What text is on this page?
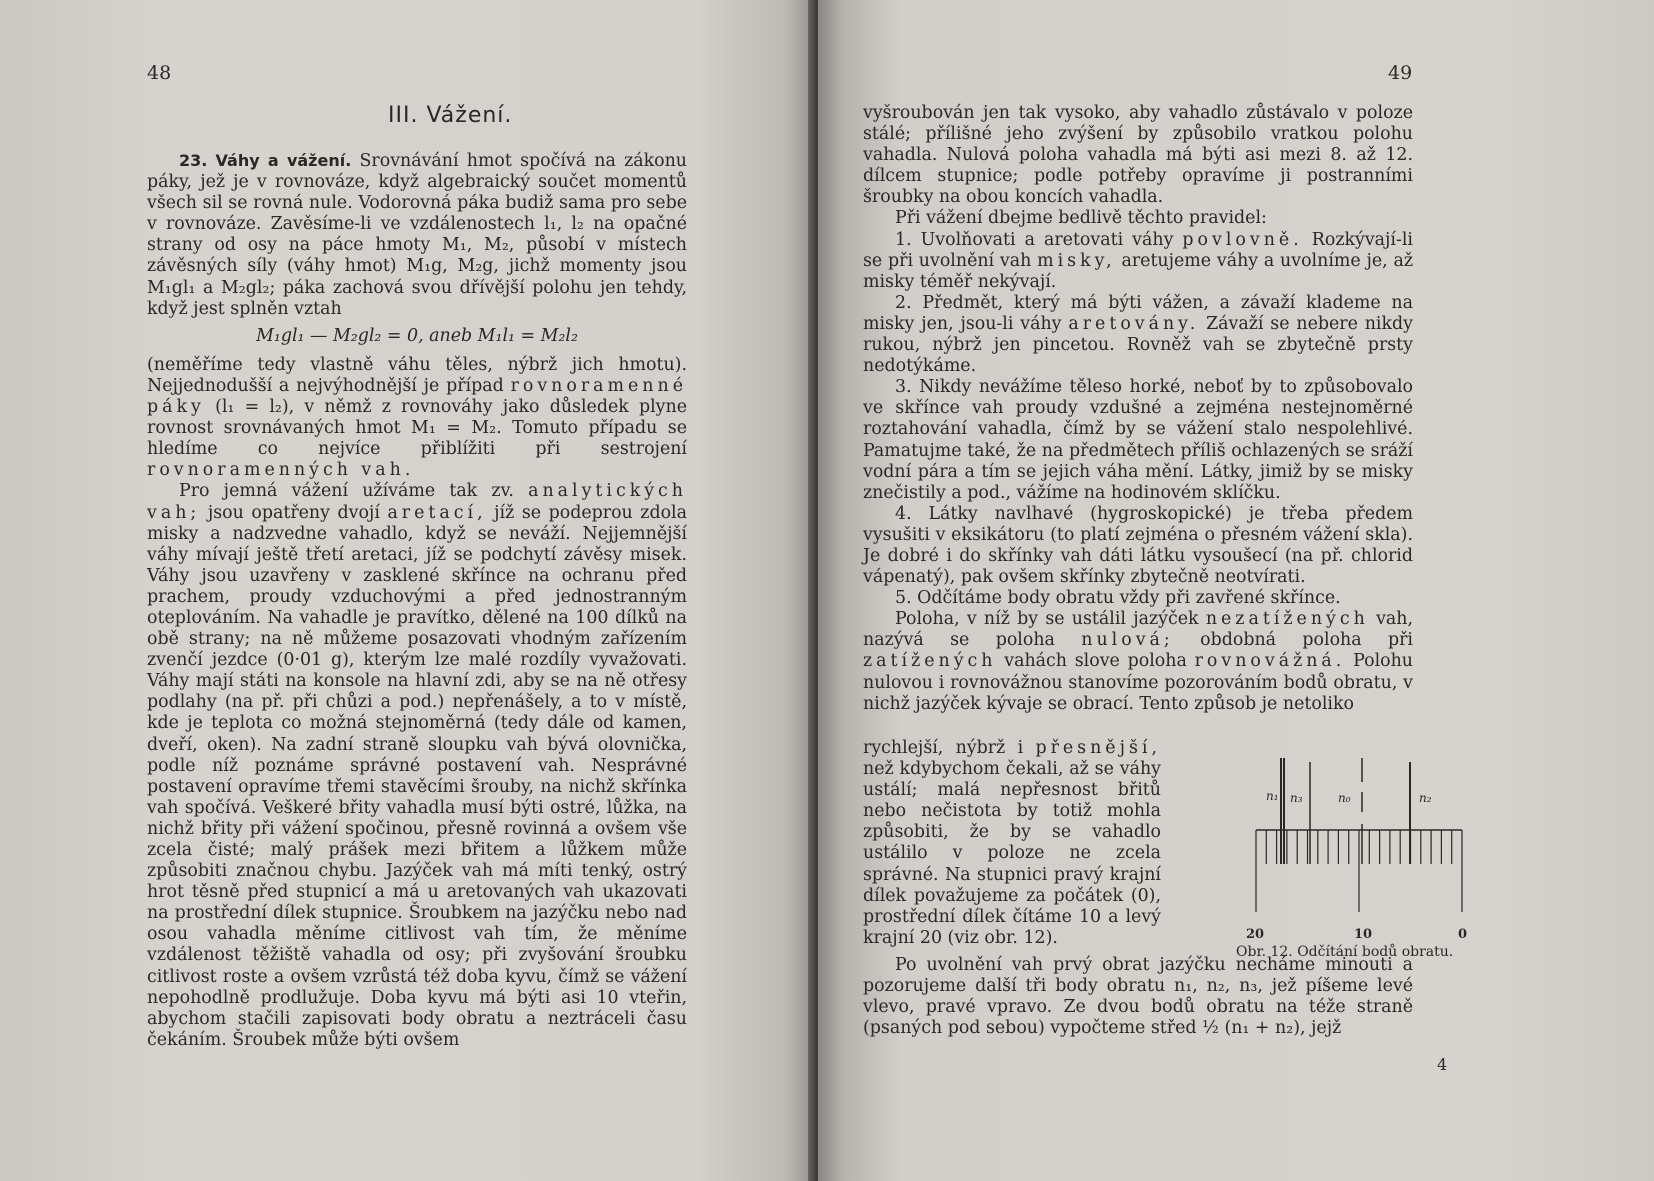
48
III. Vážení.

23. Váhy a vážení. Srovnávání hmot spočívá na zákonu páky, jež je v rovnováze, když algebraický součet momentů všech sil se rovná nule. Vodorovná páka budiž sama pro sebe v rovnováze. Zavěsíme-li ve vzdálenostech l₁, l₂ na opačné strany od osy na páce hmoty M₁, M₂, působí v místech závěsných síly (váhy hmot) M₁g, M₂g, jichž momenty jsou M₁gl₁ a M₂gl₂; páka zachová svou dřívější polohu jen tehdy, když jest splněn vztah

M₁gl₁ — M₂gl₂ = 0, aneb M₁l₁ = M₂l₂

(neměříme tedy vlastně váhu těles, nýbrž jich hmotu). Nejjednodušší a nejvýhodnější je případ rovnoramenné páky (l₁ = l₂), v němž z rovnováhy jako důsledek plyne rovnost srovnávaných hmot M₁ = M₂. Tomuto případu se hledíme co nejvíce přiblížiti při sestrojení rovnoramenných vah.

Pro jemná vážení užíváme tak zv. analytických vah; jsou opatřeny dvojí aretací, jíž se podeprou zdola misky a nadzvedne vahadlo, když se neváží. Nejjemnější váhy mívají ještě třetí aretaci, jíž se podchytí závěsy misek. Váhy jsou uzavřeny v zasklené skřínce na ochranu před prachem, proudy vzduchovými a před jednostranným oteplováním. Na vahadle je pravítko, dělené na 100 dílků na obě strany; na ně můžeme posazovati vhodným zařízením zvenčí jezdce (0·01 g), kterým lze malé rozdíly vyvažovati. Váhy mají státi na konsole na hlavní zdi, aby se na ně otřesy podlahy (na př. při chůzi a pod.) nepřenášely, a to v místě, kde je teplota co možná stejnoměrná (tedy dále od kamen, dveří, oken). Na zadní straně sloupku vah bývá olovnička, podle níž poznáme správné postavení vah. Nesprávné postavení opravíme třemi stavěcími šrouby, na nichž skřínka vah spočívá. Veškeré břity vahadla musí býti ostré, lůžka, na nichž břity při vážení spočinou, přesně rovinná a ovšem vše zcela čisté; malý prášek mezi břitem a lůžkem může způsobiti značnou chybu. Jazýček vah má míti tenký, ostrý hrot těsně před stupnicí a má u aretovaných vah ukazovati na prostřední dílek stupnice. Šroubkem na jazýčku nebo nad osou vahadla měníme citlivost vah tím, že měníme vzdálenost těžiště vahadla od osy; při zvyšování šroubku citlivost roste a ovšem vzrůstá též doba kyvu, čímž se vážení nepohodlně prodlužuje. Doba kyvu má býti asi 10 vteřin, abychom stačili zapisovati body obratu a neztráceli času čekáním. Šroubek může býti ovšem

49

vyšroubován jen tak vysoko, aby vahadlo zůstávalo v poloze stálé; přílišné jeho zvýšení by způsobilo vratkou polohu vahadla. Nulová poloha vahadla má býti asi mezi 8. až 12. dílcem stupnice; podle potřeby opravíme ji postranními šroubky na obou koncích vahadla.

Při vážení dbejme bedlivě těchto pravidel:

1. Uvolňovati a aretovati váhy povlovně. Rozkývají-li se při uvolnění vah misky, aretujeme váhy a uvolníme je, až misky téměř nekývají.

2. Předmět, který má býti vážen, a závaží klademe na misky jen, jsou-li váhy aretovány. Závaží se nebere nikdy rukou, nýbrž jen pincetou. Rovněž vah se zbytečně prsty nedotýkáme.

3. Nikdy nevážíme těleso horké, neboť by to způsobovalo ve skřínce vah proudy vzdušné a zejména nestejnoměrné roztahování vahadla, čímž by se vážení stalo nespolehlivé. Pamatujme také, že na předmětech příliš ochlazených se sráží vodní pára a tím se jejich váha mění. Látky, jimiž by se misky znečistily a pod., vážíme na hodinovém sklíčku.

4. Látky navlhavé (hygroskopické) je třeba předem vysušiti v eksikátoru (to platí zejména o přesném vážení skla). Je dobré i do skřínky vah dáti látku vysoušecí (na př. chlorid vápenatý), pak ovšem skřínky zbytečně neotvírati.

5. Odčítáme body obratu vždy při zavřené skřínce.

Poloha, v níž by se ustálil jazýček nezatížených vah, nazývá se poloha nulová; obdobná poloha při zatížených vahách slove poloha rovnovážná. Polohu nulovou i rovnovážnou stanovíme pozorováním bodů obratu, v nichž jazýček kývaje se obrací. Tento způsob je netoliko

rychlejší, nýbrž i přesnější, než kdybychom čekali, až se váhy ustálí; malá nepřesnost břitů nebo nečistota by totiž mohla způsobiti, že by se vahadlo ustálilo v poloze ne zcela správné. Na stupnici pravý krajní dílek považujeme za počátek (0), prostřední dílek čítáme 10 a levý krajní 20 (viz obr. 12).

Po uvolnění vah prvý obrat jazýčku necháme minouti a pozorujeme další tři body obratu n₁, n₂, n₃, jež píšeme levé vlevo, pravé vpravo. Ze dvou bodů obratu na téže straně (psaných pod sebou) vypočteme střed ½ (n₁ + n₂), jejž

4
n₁ n₃	n₀	n₂
20	10	0
Obr. 12. Odčítání bodů obratu.
